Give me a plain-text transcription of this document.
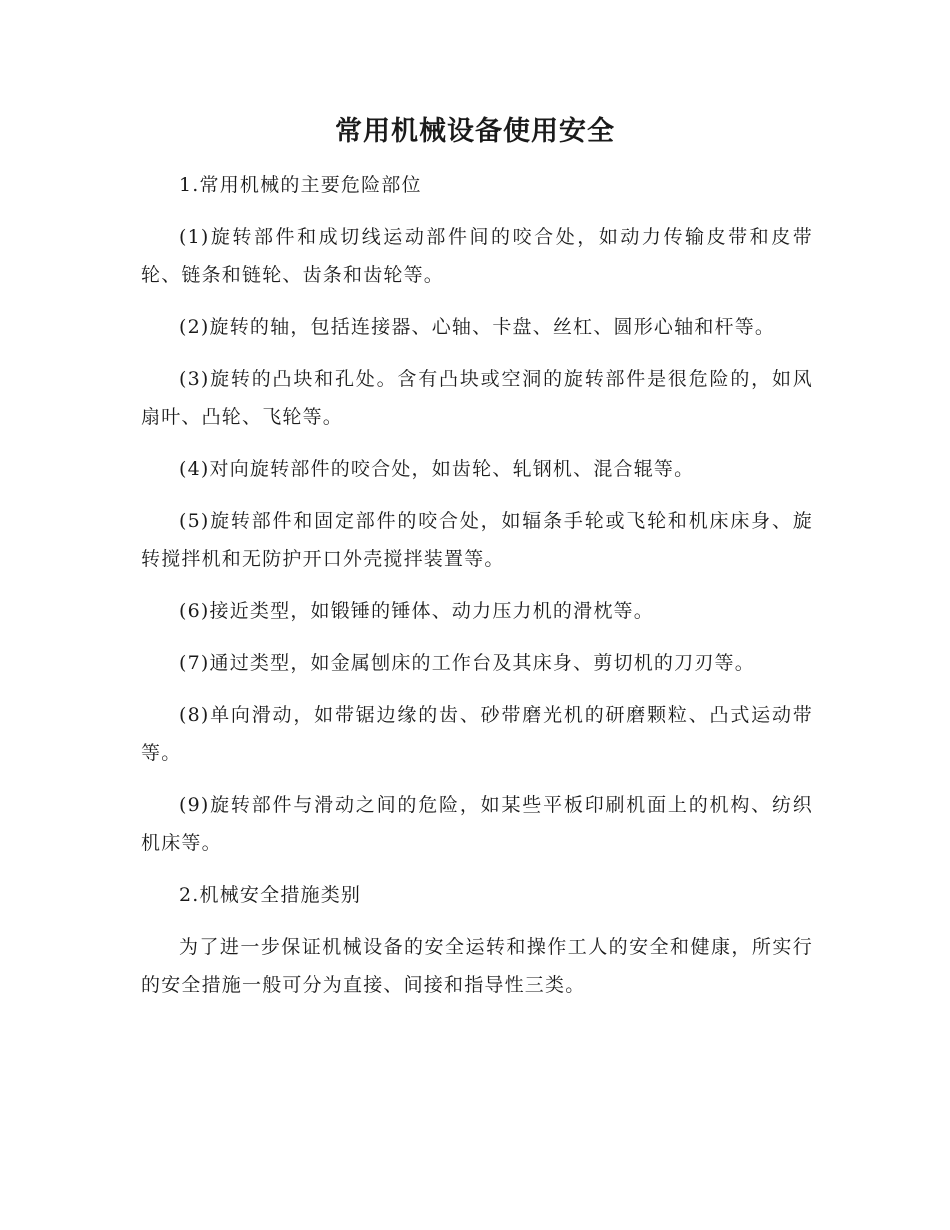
常用机械设备使用安全

1.常用机械的主要危险部位

(1)旋转部件和成切线运动部件间的咬合处，如动力传输皮带和皮带轮、链条和链轮、齿条和齿轮等。

(2)旋转的轴，包括连接器、心轴、卡盘、丝杠、圆形心轴和杆等。

(3)旋转的凸块和孔处。含有凸块或空洞的旋转部件是很危险的，如风扇叶、凸轮、飞轮等。

(4)对向旋转部件的咬合处，如齿轮、轧钢机、混合辊等。

(5)旋转部件和固定部件的咬合处，如辐条手轮或飞轮和机床床身、旋转搅拌机和无防护开口外壳搅拌装置等。

(6)接近类型，如锻锤的锤体、动力压力机的滑枕等。

(7)通过类型，如金属刨床的工作台及其床身、剪切机的刀刃等。

(8)单向滑动，如带锯边缘的齿、砂带磨光机的研磨颗粒、凸式运动带等。

(9)旋转部件与滑动之间的危险，如某些平板印刷机面上的机构、纺织机床等。

2.机械安全措施类别

为了进一步保证机械设备的安全运转和操作工人的安全和健康，所实行的安全措施一般可分为直接、间接和指导性三类。
